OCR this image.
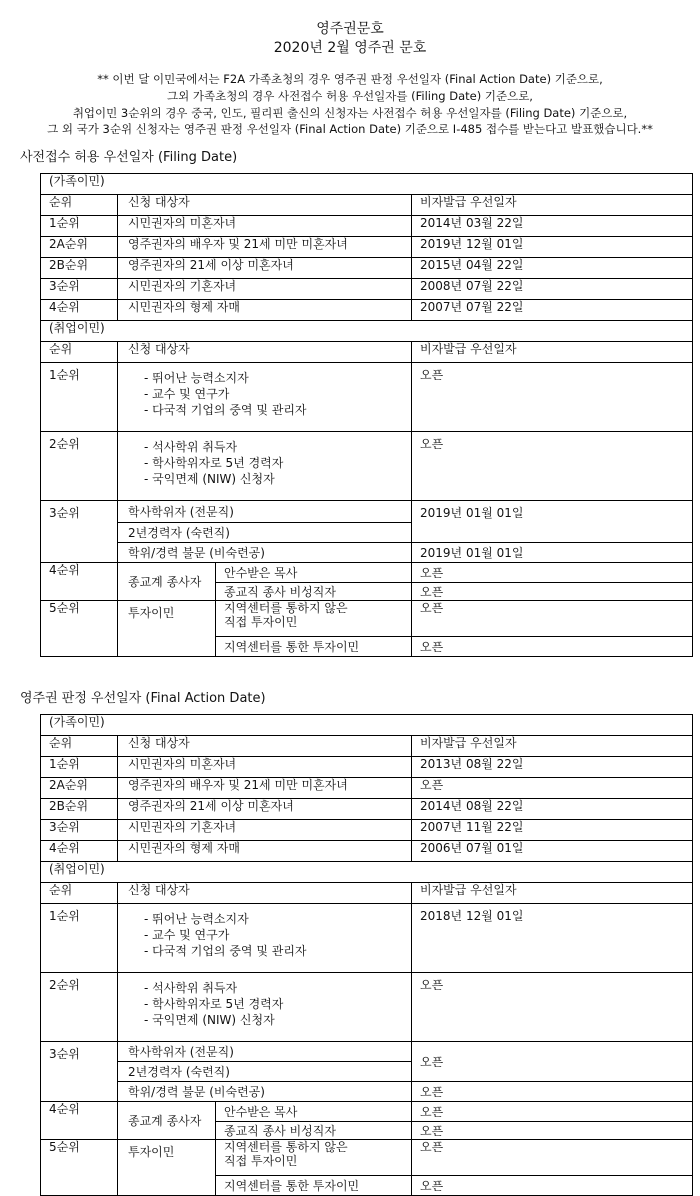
영주권문호
2020년 2월 영주권 문호
** 이번 달 이민국에서는 F2A 가족초청의 경우 영주권 판정 우선일자 (Final Action Date) 기준으로,
그외 가족초청의 경우 사전접수 허용 우선일자를 (Filing Date) 기준으로,
취업이민 3순위의 경우 중국, 인도, 필리핀 출신의 신청자는 사전접수 허용 우선일자를 (Filing Date) 기준으로,
그 외 국가 3순위 신청자는 영주권 판정 우선일자 (Final Action Date) 기준으로 I-485 접수를 받는다고 발표했습니다.**
사전접수 허용 우선일자 (Filing Date)
(가족이민)			
순위	신청 대상자		비자발급 우선일자
1순위	시민권자의 미혼자녀		2014년 03월 22일
2A순위	영주권자의 배우자 및 21세 미만 미혼자녀		2019년 12월 01일
2B순위	영주권자의 21세 이상 미혼자녀		2015년 04월 22일
3순위	시민권자의 기혼자녀		2008년 07월 22일
4순위	시민권자의 형제 자매		2007년 07월 22일
(취업이민)			
순위	신청 대상자		비자발급 우선일자
1순위	- 뛰어난 능력소지자
- 교수 및 연구가
- 다국적 기업의 중역 및 관리자		오픈
2순위	- 석사학위 취득자
- 학사학위자로 5년 경력자
- 국익면제 (NIW) 신청자		오픈
3순위	학사학위자 (전문직)		2019년 01월 01일
	2년경력자 (숙련직)		
	학위/경력 불문 (비숙련공)		2019년 01월 01일
4순위	종교계 종사자	안수받은 목사	오픈
		종교직 종사 비성직자	오픈
5순위	투자이민	지역센터를 통하지 않은
직접 투자이민	오픈
		지역센터를 통한 투자이민	오픈
영주권 판정 우선일자 (Final Action Date)
(가족이민)			
순위	신청 대상자		비자발급 우선일자
1순위	시민권자의 미혼자녀		2013년 08월 22일
2A순위	영주권자의 배우자 및 21세 미만 미혼자녀		오픈
2B순위	영주권자의 21세 이상 미혼자녀		2014년 08월 22일
3순위	시민권자의 기혼자녀		2007년 11월 22일
4순위	시민권자의 형제 자매		2006년 07월 01일
(취업이민)			
순위	신청 대상자		비자발급 우선일자
1순위	- 뛰어난 능력소지자
- 교수 및 연구가
- 다국적 기업의 중역 및 관리자		2018년 12월 01일
2순위	- 석사학위 취득자
- 학사학위자로 5년 경력자
- 국익면제 (NIW) 신청자		오픈
3순위	학사학위자 (전문직)		오픈
	2년경력자 (숙련직)		
	학위/경력 불문 (비숙련공)		오픈
4순위	종교계 종사자	안수받은 목사	오픈
		종교직 종사 비성직자	오픈
5순위	투자이민	지역센터를 통하지 않은
직접 투자이민	오픈
		지역센터를 통한 투자이민	오픈
